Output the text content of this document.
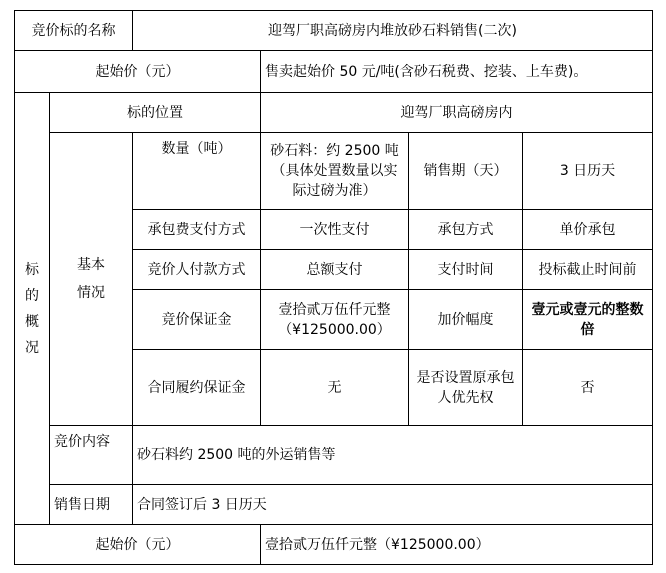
竞价标的名称		迎驾厂职高磅房内堆放砂石料销售(二次)			
起始价（元）			售卖起始价 50 元/吨(含砂石税费、挖装、上车费)。		

标的概况	标的位置		迎驾厂职高磅房内		

	基本情况	数量（吨）	砂石料：约 2500 吨（具体处置数量以实际过磅为准）	销售期（天）	3 日历天
		承包费支付方式	一次性支付	承包方式	单价承包
		竞价人付款方式	总额支付	支付时间	投标截止时间前
		竞价保证金	壹拾贰万伍仟元整（¥125000.00）	加价幅度	壹元或壹元的整数倍
		合同履约保证金	无	是否设置原承包人优先权	否
	竞价内容	砂石料约 2500 吨的外运销售等			
	销售日期	合同签订后 3 日历天			
起始价（元）			壹拾贰万伍仟元整（¥125000.00）		
